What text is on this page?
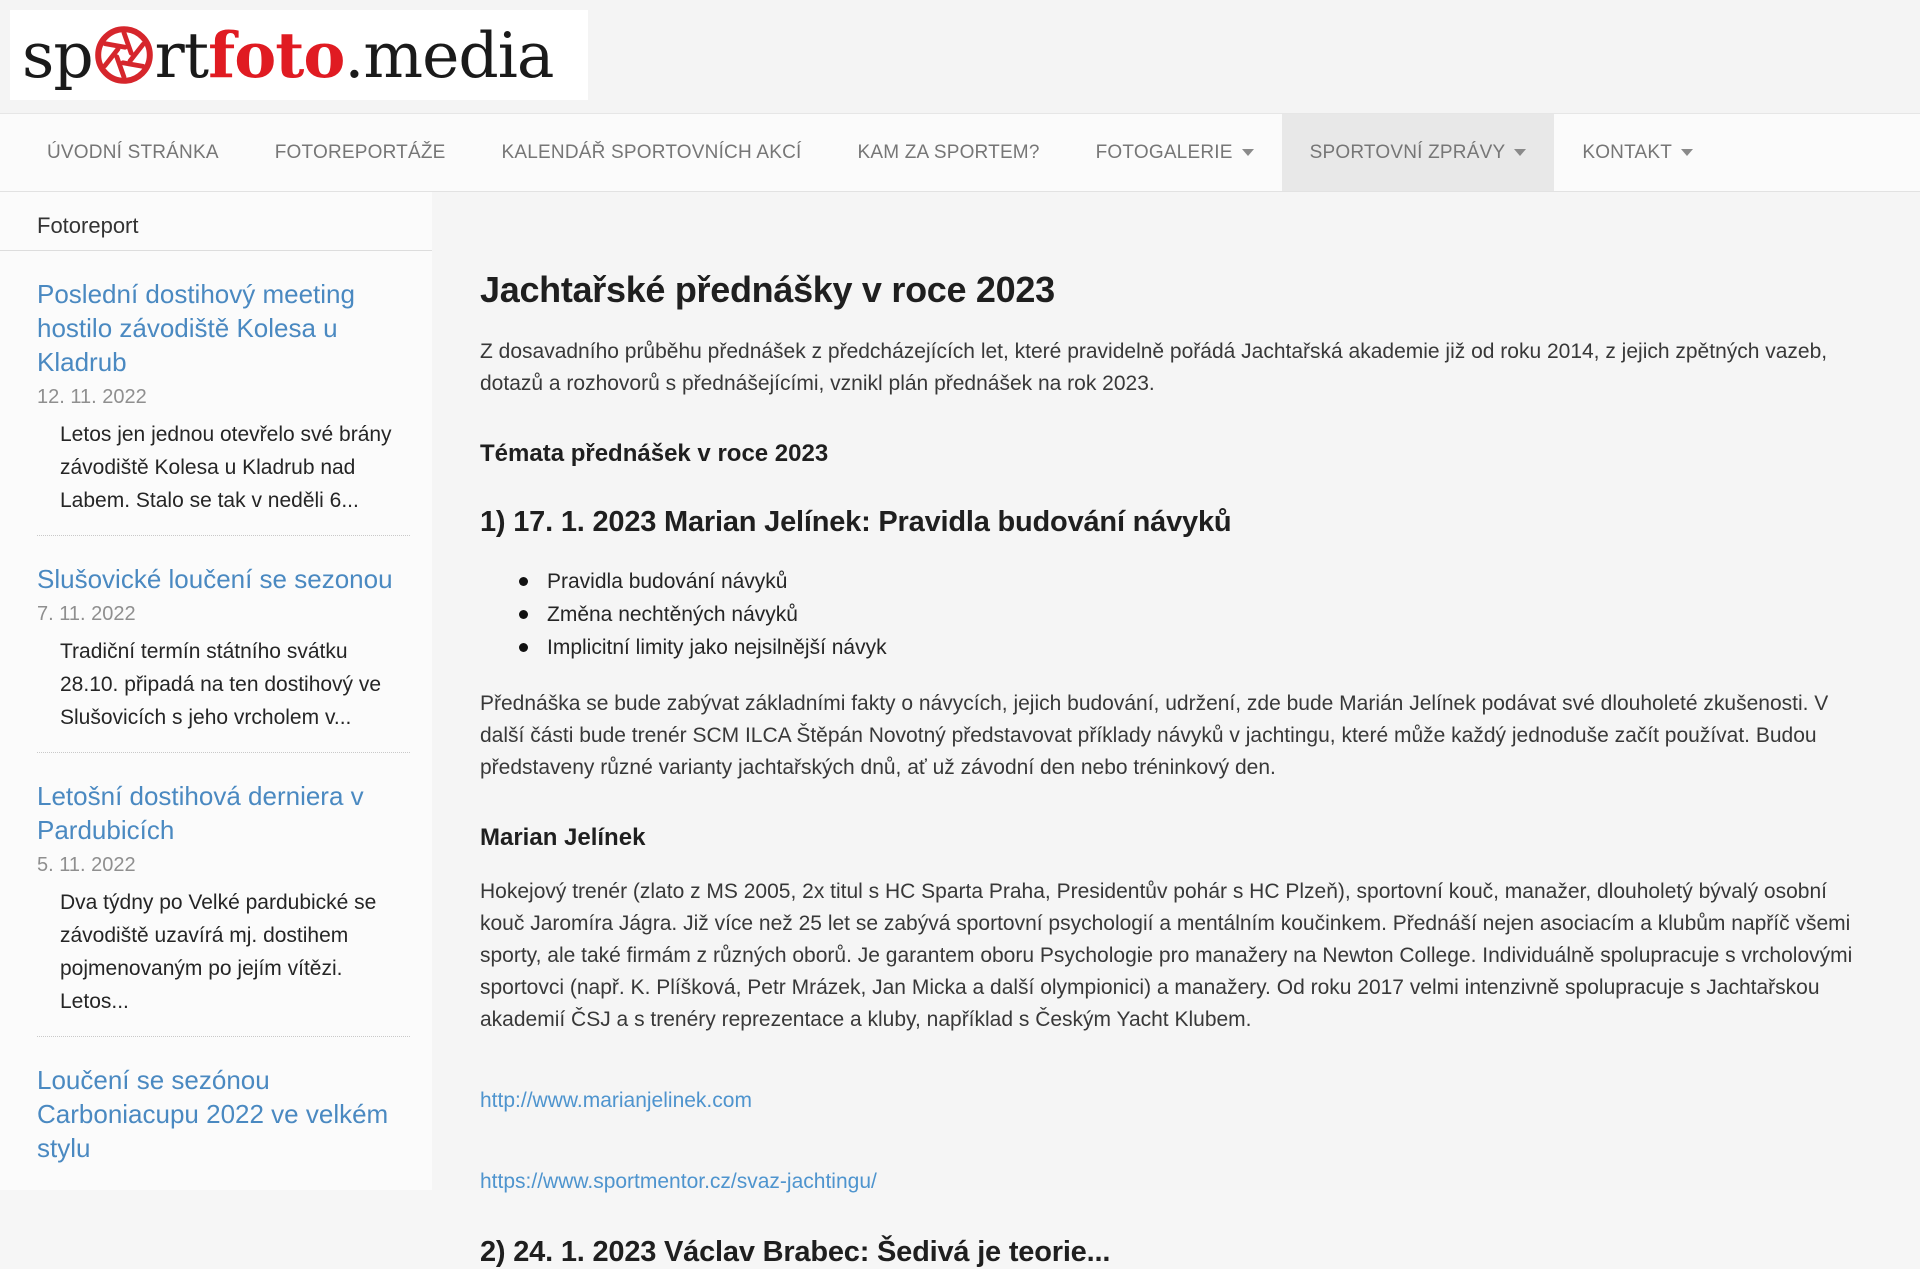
sp rt foto .media
ÚVODNÍ STRÁNKA	FOTOREPORTÁŽE	KALENDÁŘ SPORTOVNÍCH AKCÍ	KAM ZA SPORTEM?	FOTOGALERIE	SPORTOVNÍ ZPRÁVY	KONTAKT
Fotoreport
Poslední dostihový meeting hostilo závodiště Kolesa u Kladrub
12. 11. 2022
Letos jen jednou otevřelo své brány závodiště Kolesa u Kladrub nad Labem. Stalo se tak v neděli 6...
Slušovické loučení se sezonou
7. 11. 2022
Tradiční termín státního svátku 28.10. připadá na ten dostihový ve Slušovicích s jeho vrcholem v...
Letošní dostihová derniera v Pardubicích
5. 11. 2022
Dva týdny po Velké pardubické se závodiště uzavírá mj. dostihem pojmenovaným po jejím vítězi. Letos...
Loučení se sezónou Carboniacupu 2022 ve velkém stylu
Jachtařské přednášky v roce 2023

Z dosavadního průběhu přednášek z předcházejících let, které pravidelně pořádá Jachtařská akademie již od roku 2014, z jejich zpětných vazeb, dotazů a rozhovorů s přednášejícími, vznikl plán přednášek na rok 2023.

Témata přednášek v roce 2023
1) 17. 1. 2023 Marian Jelínek: Pravidla budování návyků
Pravidla budování návyků
Změna nechtěných návyků
Implicitní limity jako nejsilnější návyk

Přednáška se bude zabývat základními fakty o návycích, jejich budování, udržení, zde bude Marián Jelínek podávat své dlouholeté zkušenosti. V další části bude trenér SCM ILCA Štěpán Novotný představovat příklady návyků v jachtingu, které může každý jednoduše začít používat. Budou představeny různé varianty jachtařských dnů, ať už závodní den nebo tréninkový den.

Marian Jelínek

Hokejový trenér (zlato z MS 2005, 2x titul s HC Sparta Praha, Presidentův pohár s HC Plzeň), sportovní kouč, manažer, dlouholetý bývalý osobní kouč Jaromíra Jágra. Již více než 25 let se zabývá sportovní psychologií a mentálním koučinkem. Přednáší nejen asociacím a klubům napříč všemi sporty, ale také firmám z různých oborů. Je garantem oboru Psychologie pro manažery na Newton College. Individuálně spolupracuje s vrcholovými sportovci (např. K. Plíšková, Petr Mrázek, Jan Micka a další olympionici) a manažery. Od roku 2017 velmi intenzivně spolupracuje s Jachtařskou akademií ČSJ a s trenéry reprezentace a kluby, například s Českým Yacht Klubem.

http://www.marianjelinek.com

https://www.sportmentor.cz/svaz-jachtingu/

2) 24. 1. 2023 Václav Brabec: Šedivá je teorie...
